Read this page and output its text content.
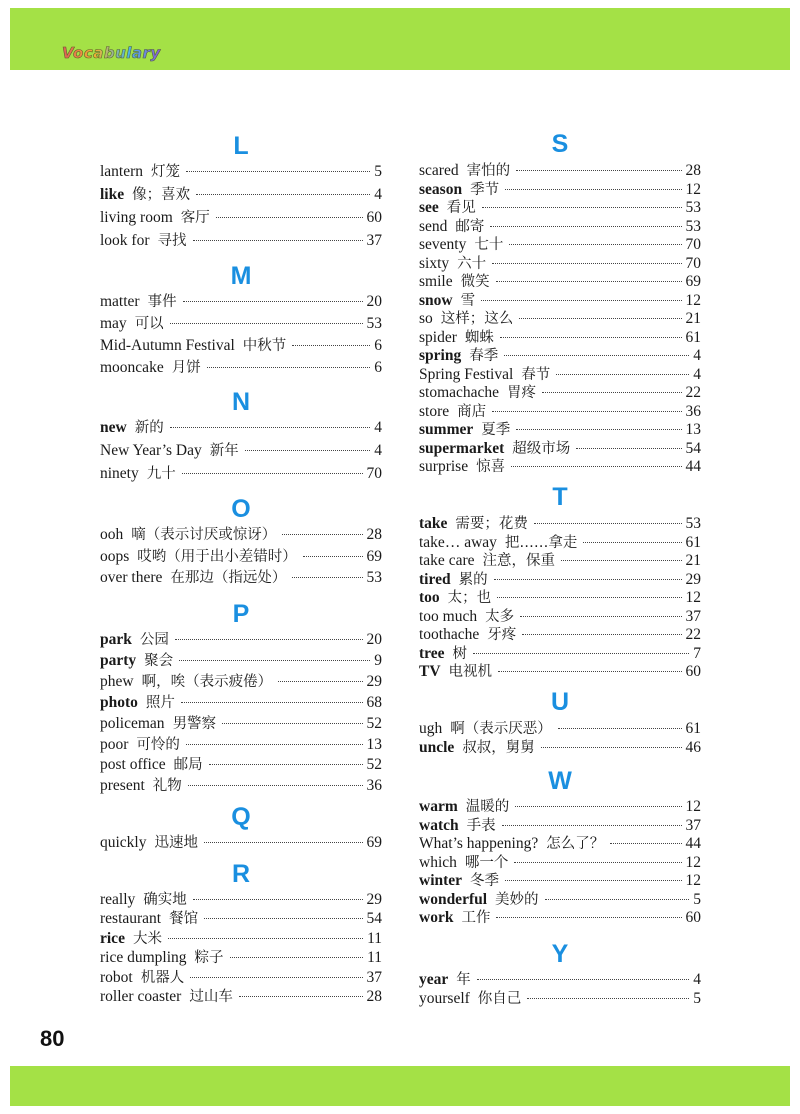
Vocabulary
L
lantern 灯笼	5
like 像；喜欢	4
living room 客厅	60
look for 寻找	37
M
matter 事件	20
may 可以	53
Mid-Autumn Festival 中秋节	6
mooncake 月饼	6
N
new 新的	4
New Year’s Day 新年	4
ninety 九十	70
O
ooh 嘀（表示讨厌或惊讶）	28
oops 哎哟（用于出小差错时）	69
over there 在那边（指远处）	53
P
park 公园	20
party 聚会	9
phew 啊，唉（表示疲倦）	29
photo 照片	68
policeman 男警察	52
poor 可怜的	13
post office 邮局	52
present 礼物	36
Q
quickly 迅速地	69
R
really 确实地	29
restaurant 餐馆	54
rice 大米	11
rice dumpling 粽子	11
robot 机器人	37
roller coaster 过山车	28
S
scared 害怕的	28
season 季节	12
see 看见	53
send 邮寄	53
seventy 七十	70
sixty 六十	70
smile 微笑	69
snow 雪	12
so 这样；这么	21
spider 蜘蛛	61
spring 春季	4
Spring Festival 春节	4
stomachache 胃疼	22
store 商店	36
summer 夏季	13
supermarket 超级市场	54
surprise 惊喜	44
T
take 需要；花费	53
take… away 把……拿走	61
take care 注意，保重	21
tired 累的	29
too 太；也	12
too much 太多	37
toothache 牙疼	22
tree 树	7
TV 电视机	60
U
ugh 啊（表示厌恶）	61
uncle 叔叔，舅舅	46
W
warm 温暖的	12
watch 手表	37
What’s happening? 怎么了？	44
which 哪一个	12
winter 冬季	12
wonderful 美妙的	5
work 工作	60
Y
year 年	4
yourself 你自己	5
80
